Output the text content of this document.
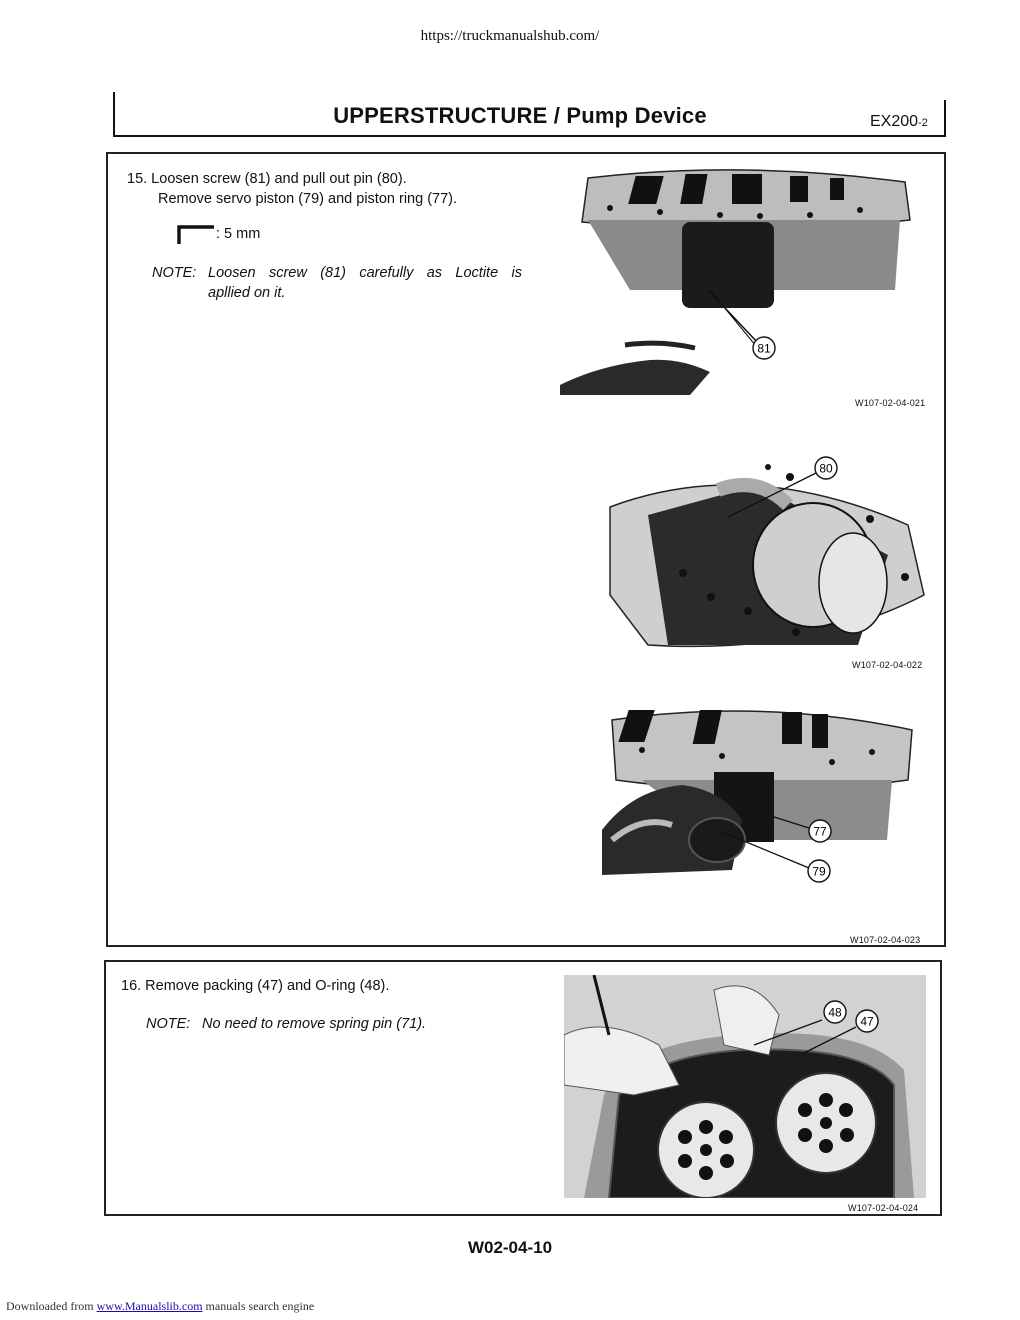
https://truckmanualshub.com/
UPPERSTRUCTURE / Pump Device	EX200-2
15. Loosen screw (81) and pull out pin (80).
Remove servo piston (79) and piston ring (77).
: 5 mm
NOTE: Loosen screw (81) carefully as Loctite is
apllied on it.
81
W107-02-04-021
80
W107-02-04-022
77
79
W107-02-04-023
16. Remove packing (47) and O-ring (48).
NOTE: No need to remove spring pin (71).
48
47
W107-02-04-024
W02-04-10
Downloaded from www.Manualslib.com manuals search engine
